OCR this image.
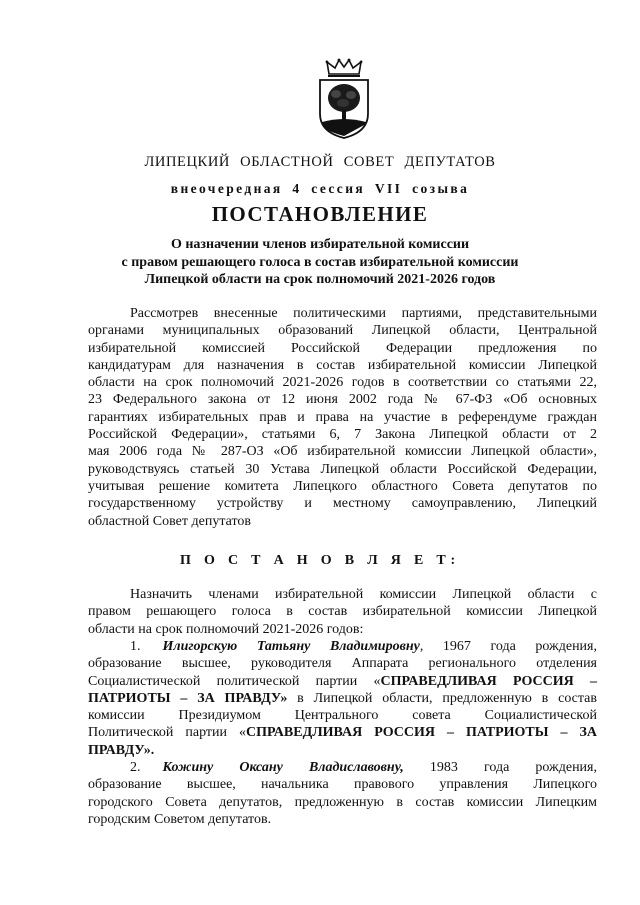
ЛИПЕЦКИЙ ОБЛАСТНОЙ СОВЕТ ДЕПУТАТОВ
внеочередная 4 сессия VII созыва
ПОСТАНОВЛЕНИЕ
О назначении членов избирательной комиссии
с правом решающего голоса в состав избирательной комиссии
Липецкой области на срок полномочий 2021-2026 годов
Рассмотрев внесенные политическими партиями, представительными
органами муниципальных образований Липецкой области, Центральной
избирательной комиссией Российской Федерации предложения по
кандидатурам для назначения в состав избирательной комиссии Липецкой
области на срок полномочий 2021-2026 годов в соответствии со статьями 22,
23 Федерального закона от 12 июня 2002 года № 67-ФЗ «Об основных
гарантиях избирательных прав и права на участие в референдуме граждан
Российской Федерации», статьями 6, 7 Закона Липецкой области от 2
мая 2006 года № 287-ОЗ «Об избирательной комиссии Липецкой области»,
руководствуясь статьей 30 Устава Липецкой области Российской Федерации,
учитывая решение комитета Липецкого областного Совета депутатов по
государственному устройству и местному самоуправлению, Липецкий
областной Совет депутатов
П О С Т А Н О В Л Я Е Т:
Назначить членами избирательной комиссии Липецкой области с
правом решающего голоса в состав избирательной комиссии Липецкой
области на срок полномочий 2021-2026 годов:
1. Илигорскую Татьяну Владимировну, 1967 года рождения,
образование высшее, руководителя Аппарата регионального отделения
Социалистической политической партии «СПРАВЕДЛИВАЯ РОССИЯ –
ПАТРИОТЫ – ЗА ПРАВДУ» в Липецкой области, предложенную в состав
комиссии Президиумом Центрального совета Социалистической
Политической партии «СПРАВЕДЛИВАЯ РОССИЯ – ПАТРИОТЫ – ЗА
ПРАВДУ».
2. Кожину Оксану Владиславовну, 1983 года рождения,
образование высшее, начальника правового управления Липецкого
городского Совета депутатов, предложенную в состав комиссии Липецким
городским Советом депутатов.
